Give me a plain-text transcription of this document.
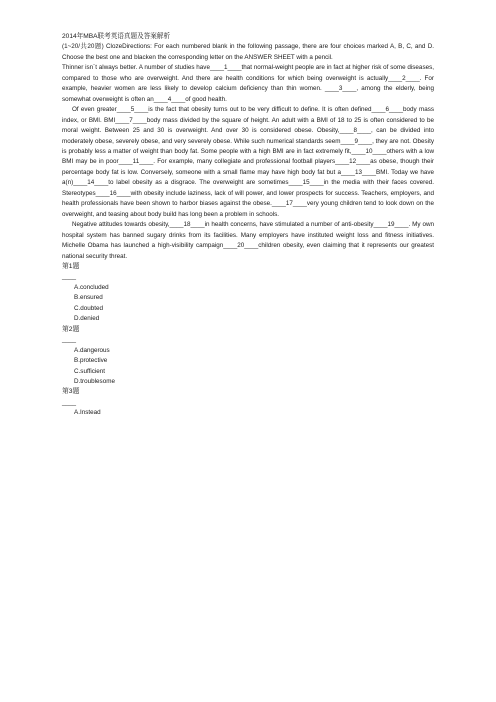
2014年MBA联考英语真题及答案解析

(1~20/共20题) ClozeDirections: For each numbered blank in the following passage, there are four choices marked A, B, C, and D. Choose the best one and blacken the corresponding letter on the ANSWER SHEET with a pencil.

Thinner isn´t always better. A number of studies have____1____that normal-weight people are in fact at higher risk of some diseases, compared to those who are overweight. And there are health conditions for which being overweight is actually____2____. For example, heavier women are less likely to develop calcium deficiency than thin women. ____3____, among the elderly, being somewhat overweight is often an____4____of good health.

Of even greater____5____is the fact that obesity turns out to be very difficult to define. It is often defined____6____body mass index, or BMI. BMI____7____body mass divided by the square of height. An adult with a BMI of 18 to 25 is often considered to be moral weight. Between 25 and 30 is overweight. And over 30 is considered obese. Obesity,____8____, can be divided into moderately obese, severely obese, and very severely obese. While such numerical standards seem____9____, they are not. Obesity is probably less a matter of weight than body fat. Some people with a high BMI are in fact extremely fit,____10____others with a low BMI may be in poor____11____. For example, many collegiate and professional football players____12____as obese, though their percentage body fat is low. Conversely, someone with a small flame may have high body fat but a____13____BMI. Today we have a(n)____14____to label obesity as a disgrace. The overweight are sometimes____15____in the media with their faces covered. Stereotypes____16____with obesity include laziness, lack of will power, and lower prospects for success. Teachers, employers, and health professionals have been shown to harbor biases against the obese.____17____very young children tend to look down on the overweight, and teasing about body build has long been a problem in schools.

Negative attitudes towards obesity,____18____in health concerns, have stimulated a number of anti-obesity____19____. My own hospital system has banned sugary drinks from its facilities. Many employers have instituted weight loss and fitness initiatives. Michelle Obama has launched a high-visibility campaign____20____children obesity, even claiming that it represents our greatest national security threat.

第1题

____

A.concluded

B.ensured

C.doubted

D.denied

第2题

____

A.dangerous

B.protective

C.sufficient

D.troublesome

第3题

____

A.Instead
